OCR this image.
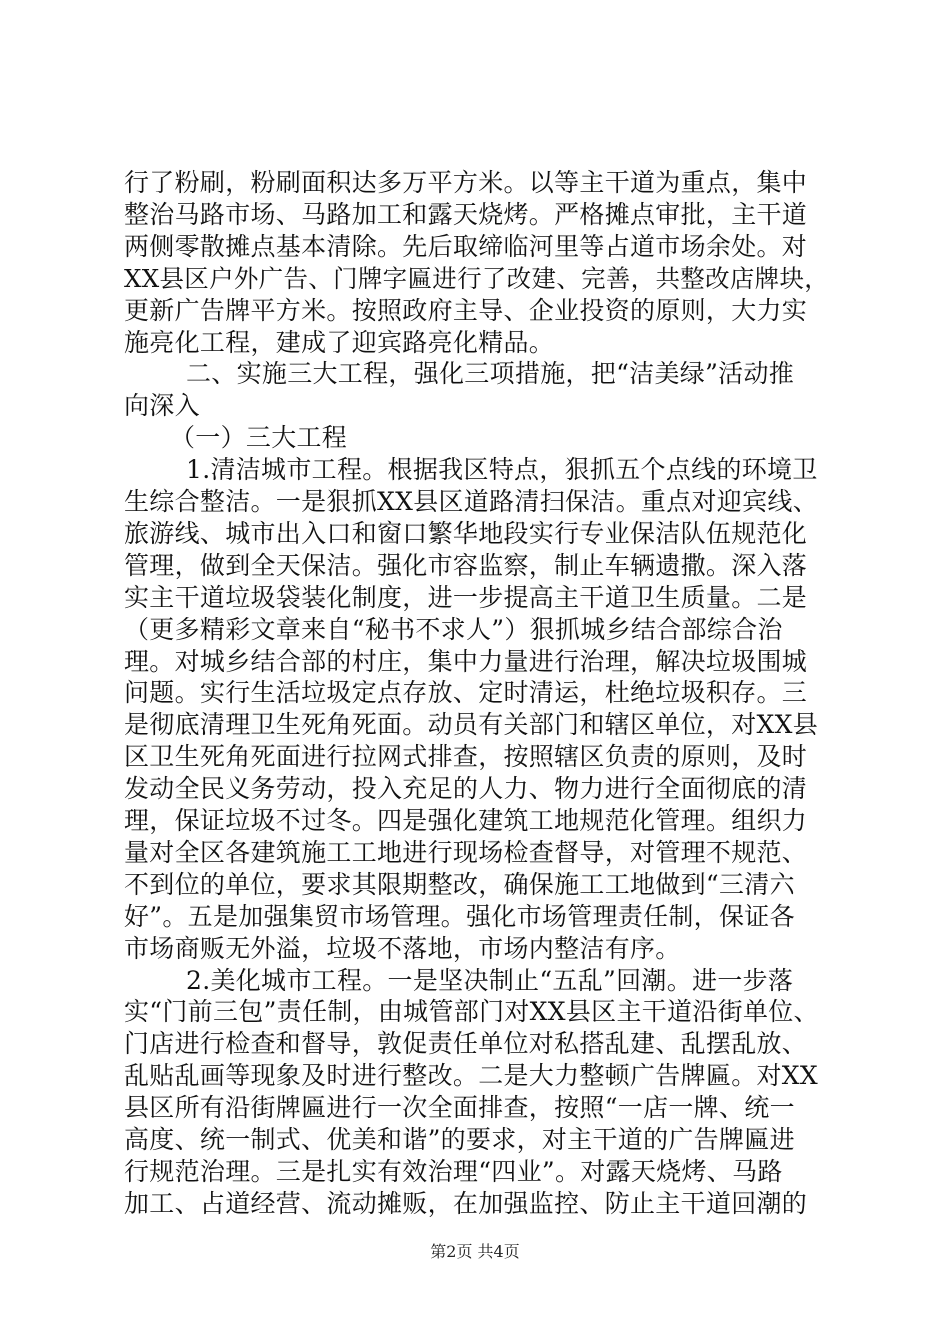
行了粉刷，粉刷面积达多万平方米。以等主干道为重点，集中
整治马路市场、马路加工和露天烧烤。严格摊点审批，主干道
两侧零散摊点基本清除。先后取缔临河里等占道市场余处。对
XX县区户外广告、门牌字匾进行了改建、完善，共整改店牌块，
更新广告牌平方米。按照政府主导、企业投资的原则，大力实
施亮化工程，建成了迎宾路亮化精品。
二、实施三大工程，强化三项措施，把“洁美绿”活动推
向深入
（一）三大工程
1.清洁城市工程。根据我区特点，狠抓五个点线的环境卫
生综合整洁。一是狠抓XX县区道路清扫保洁。重点对迎宾线、
旅游线、城市出入口和窗口繁华地段实行专业保洁队伍规范化
管理，做到全天保洁。强化市容监察，制止车辆遗撒。深入落
实主干道垃圾袋装化制度，进一步提高主干道卫生质量。二是
（更多精彩文章来自“秘书不求人”）狠抓城乡结合部综合治
理。对城乡结合部的村庄，集中力量进行治理，解决垃圾围城
问题。实行生活垃圾定点存放、定时清运，杜绝垃圾积存。三
是彻底清理卫生死角死面。动员有关部门和辖区单位，对XX县
区卫生死角死面进行拉网式排查，按照辖区负责的原则，及时
发动全民义务劳动，投入充足的人力、物力进行全面彻底的清
理，保证垃圾不过冬。四是强化建筑工地规范化管理。组织力
量对全区各建筑施工工地进行现场检查督导，对管理不规范、
不到位的单位，要求其限期整改，确保施工工地做到“三清六
好”。五是加强集贸市场管理。强化市场管理责任制，保证各
市场商贩无外溢，垃圾不落地，市场内整洁有序。
2.美化城市工程。一是坚决制止“五乱”回潮。进一步落
实“门前三包”责任制，由城管部门对XX县区主干道沿街单位、
门店进行检查和督导，敦促责任单位对私搭乱建、乱摆乱放、
乱贴乱画等现象及时进行整改。二是大力整顿广告牌匾。对XX
县区所有沿街牌匾进行一次全面排查，按照“一店一牌、统一
高度、统一制式、优美和谐”的要求，对主干道的广告牌匾进
行规范治理。三是扎实有效治理“四业”。对露天烧烤、马路
加工、占道经营、流动摊贩，在加强监控、防止主干道回潮的
第2页 共4页
